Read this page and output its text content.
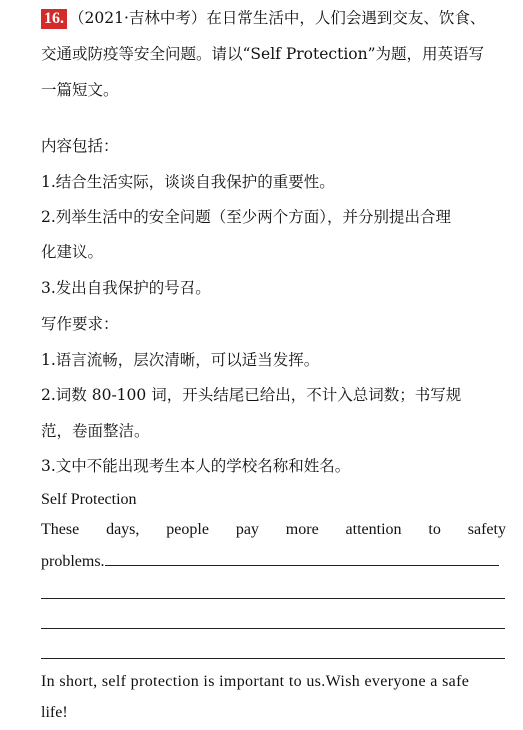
16. （2021·吉林中考）在日常生活中，人们会遇到交友、饮食、
交通或防疫等安全问题。请以“Self Protection”为题，用英语写
一篇短文。
内容包括：
1.结合生活实际，谈谈自我保护的重要性。
2.列举生活中的安全问题（至少两个方面），并分别提出合理
化建议。
3.发出自我保护的号召。
写作要求：
1.语言流畅，层次清晰，可以适当发挥。
2.词数 80-100 词，开头结尾已给出，不计入总词数；书写规
范，卷面整洁。
3.文中不能出现考生本人的学校名称和姓名。
Self Protection
These days, people pay more attention to safety
problems.
In short, self protection is important to us.Wish everyone a safe
life!
